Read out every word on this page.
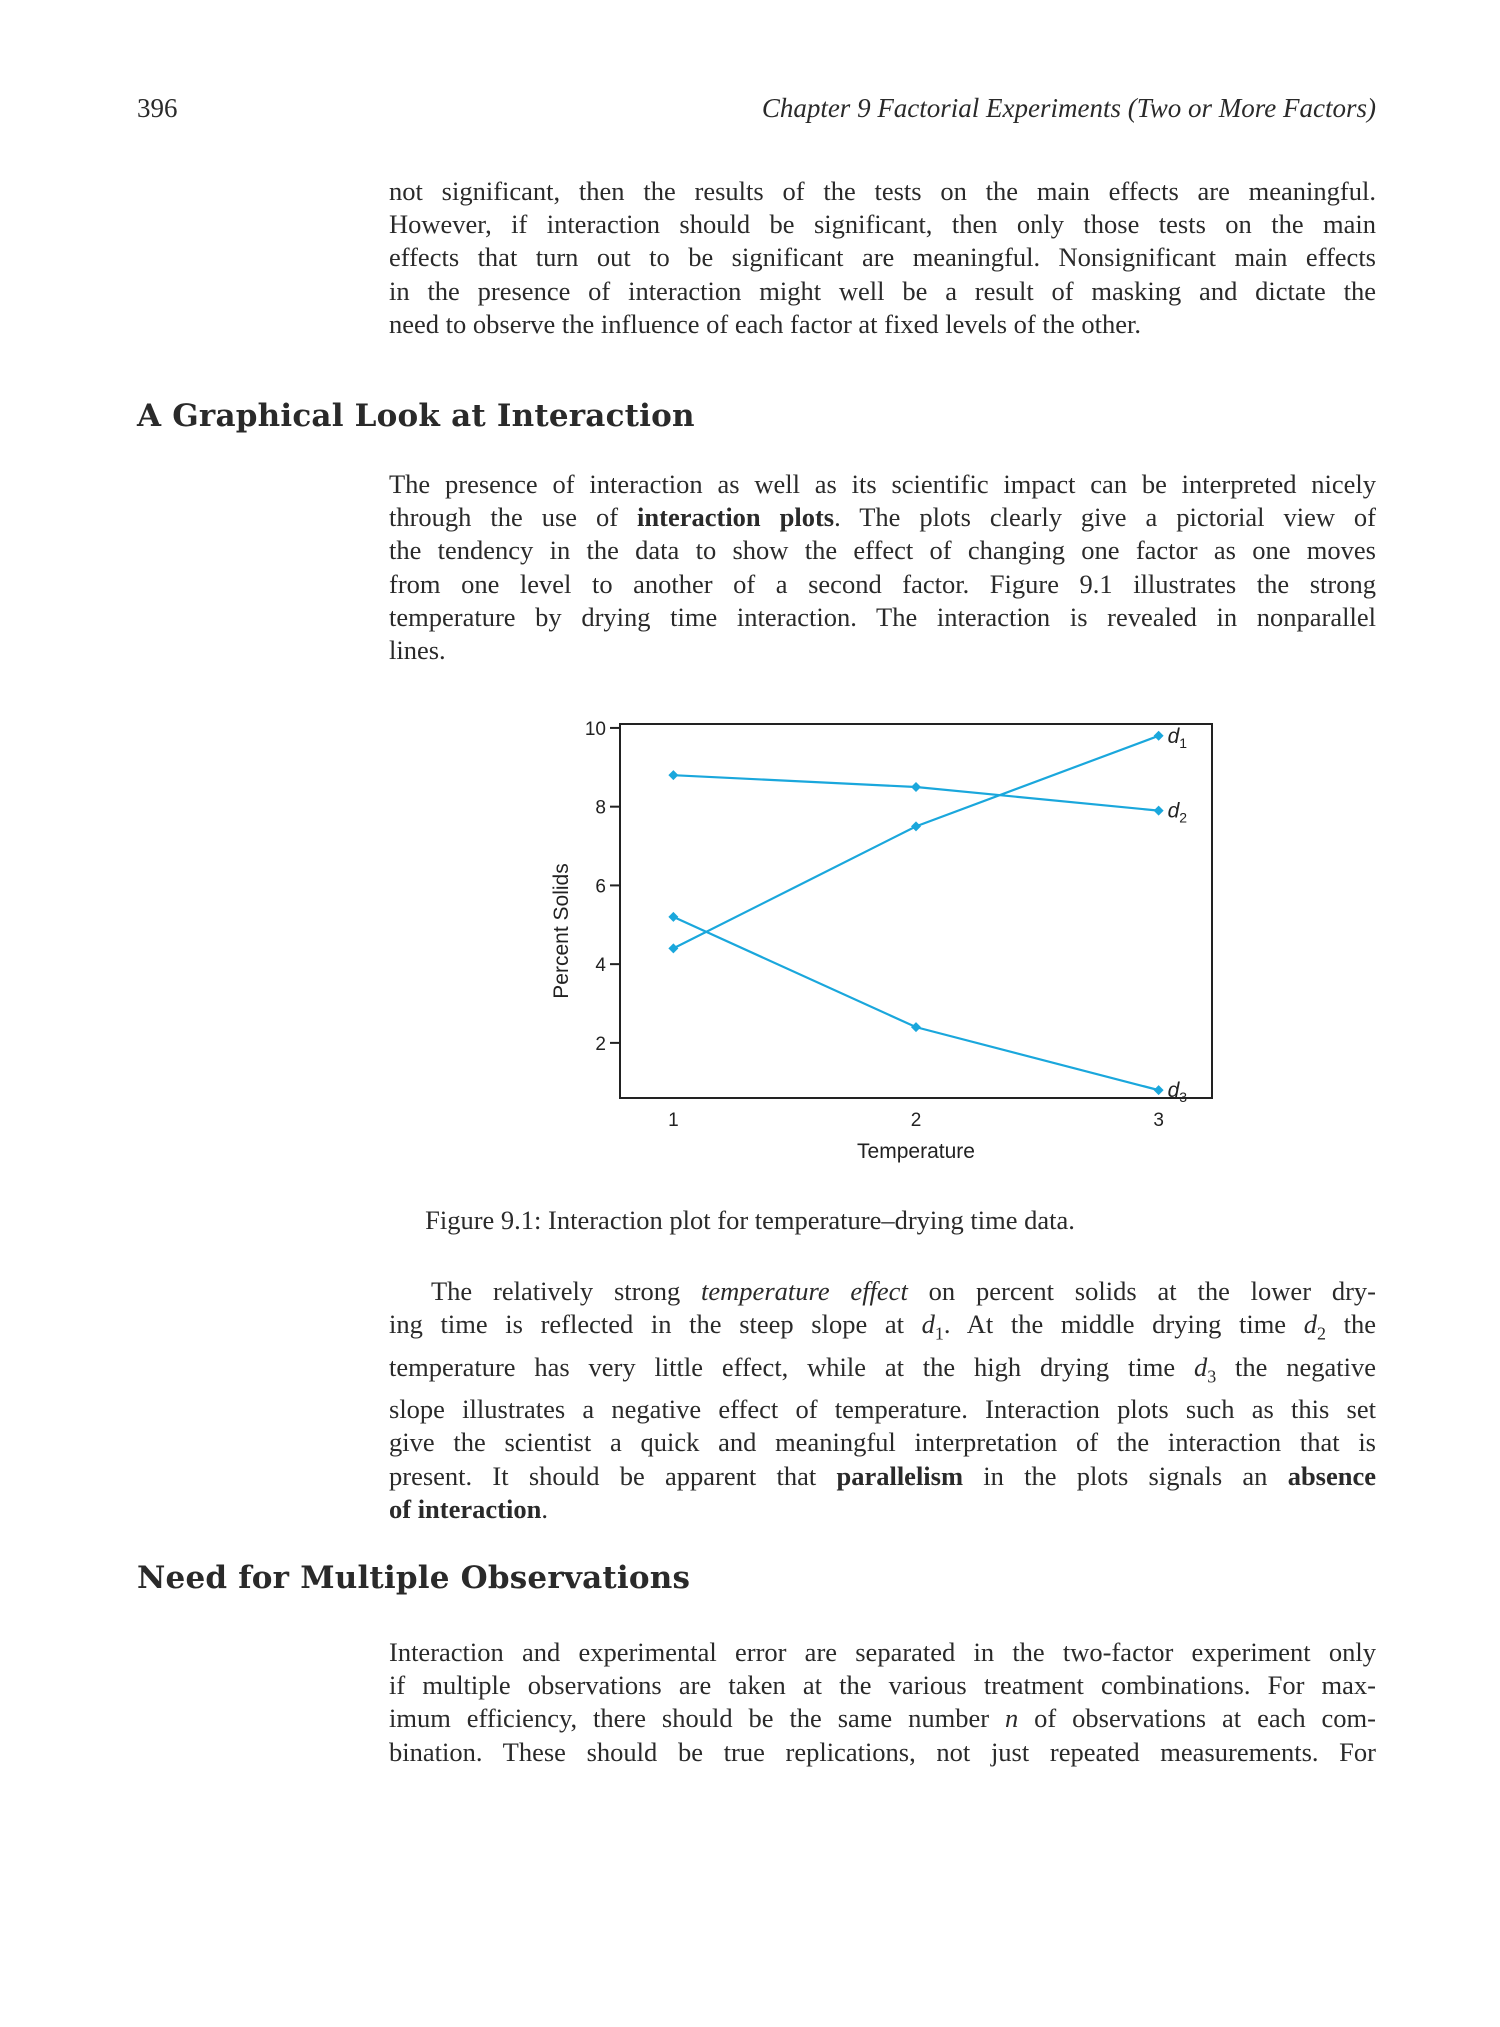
396	Chapter 9 Factorial Experiments (Two or More Factors)
not significant, then the results of the tests on the main effects are meaningful.
However, if interaction should be significant, then only those tests on the main
effects that turn out to be significant are meaningful. Nonsignificant main effects
in the presence of interaction might well be a result of masking and dictate the
need to observe the influence of each factor at fixed levels of the other.
A Graphical Look at Interaction
The presence of interaction as well as its scientific impact can be interpreted nicely
through the use of interaction plots. The plots clearly give a pictorial view of
the tendency in the data to show the effect of changing one factor as one moves
from one level to another of a second factor. Figure 9.1 illustrates the strong
temperature by drying time interaction. The interaction is revealed in nonparallel
lines.
2
4
6
8
10
1	2	3
Temperature
Percent Solids
$d_1$
$d_2$
$d_3$
Figure 9.1: Interaction plot for temperature–drying time data.
The relatively strong temperature effect on percent solids at the lower dry-
ing time is reflected in the steep slope at $d_1$. At the middle drying time $d_2$ the
temperature has very little effect, while at the high drying time $d_3$ the negative
slope illustrates a negative effect of temperature. Interaction plots such as this set
give the scientist a quick and meaningful interpretation of the interaction that is
present. It should be apparent that parallelism in the plots signals an absence
of interaction.
Need for Multiple Observations
Interaction and experimental error are separated in the two-factor experiment only
if multiple observations are taken at the various treatment combinations. For max-
imum efficiency, there should be the same number n of observations at each com-
bination. These should be true replications, not just repeated measurements. For
